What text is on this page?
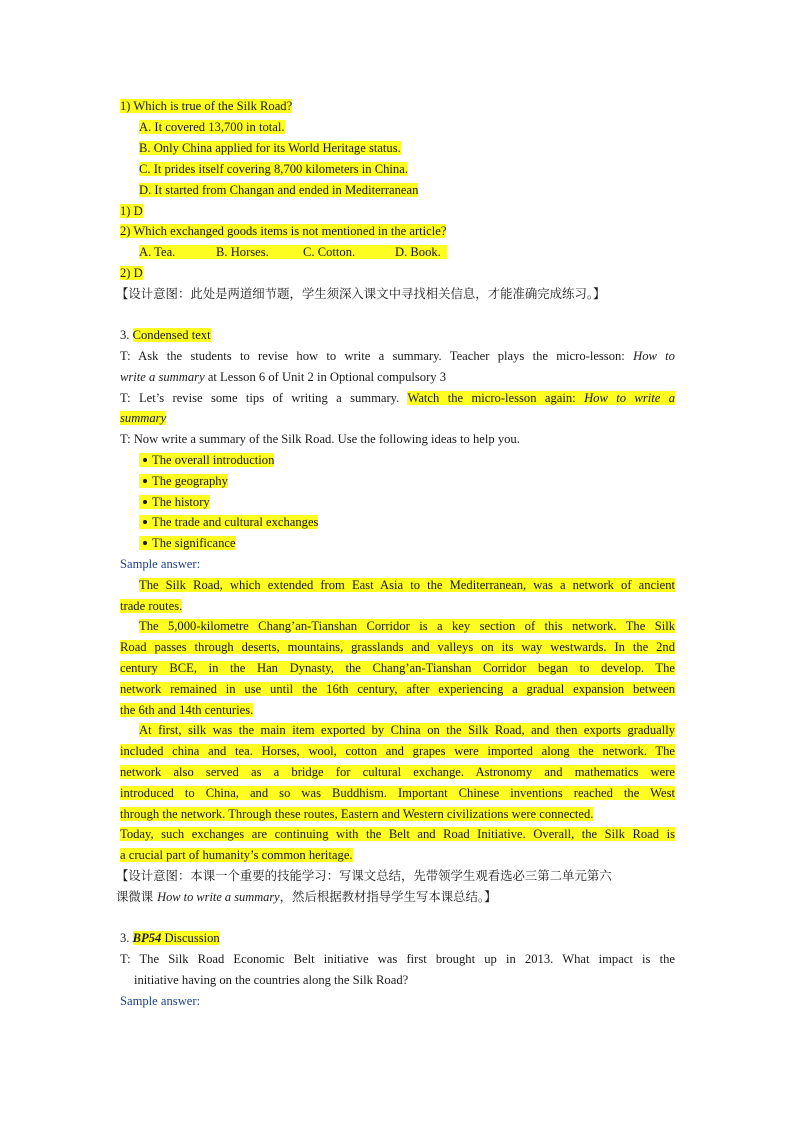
1) Which is true of the Silk Road?
A. It covered 13,700 in total.
B. Only China applied for its World Heritage status.
C. It prides itself covering 8,700 kilometers in China.
D. It started from Changan and ended in Mediterranean
1) D
2) Which exchanged goods items is not mentioned in the article?
A. Tea.	B. Horses.	C. Cotton.	D. Book.
2) D
【设计意图：此处是两道细节题，学生须深入课文中寻找相关信息，才能准确完成练习。】
3. Condensed text
T: Ask the students to revise how to write a summary. Teacher plays the micro-lesson: How to
write a summary at Lesson 6 of Unit 2 in Optional compulsory 3
T: Let’s revise some tips of writing a summary. Watch the micro-lesson again: How to write a
summary
T: Now write a summary of the Silk Road. Use the following ideas to help you.
The overall introduction
The geography
The history
The trade and cultural exchanges
The significance
Sample answer:
The Silk Road, which extended from East Asia to the Mediterranean, was a network of ancient
trade routes.
The 5,000-kilometre Chang’an-Tianshan Corridor is a key section of this network. The Silk
Road passes through deserts, mountains, grasslands and valleys on its way westwards. In the 2nd
century BCE, in the Han Dynasty, the Chang’an-Tianshan Corridor began to develop. The
network remained in use until the 16th century, after experiencing a gradual expansion between
the 6th and 14th centuries.
At first, silk was the main item exported by China on the Silk Road, and then exports gradually
included china and tea. Horses, wool, cotton and grapes were imported along the network. The
network also served as a bridge for cultural exchange. Astronomy and mathematics were
introduced to China, and so was Buddhism. Important Chinese inventions reached the West
through the network. Through these routes, Eastern and Western civilizations were connected.
Today, such exchanges are continuing with the Belt and Road Initiative. Overall, the Silk Road is
a crucial part of humanity’s common heritage.
【设计意图：本课一个重要的技能学习：写课文总结，先带领学生观看选必三第二单元第六
课微课 How to write a summary，然后根据教材指导学生写本课总结。】
3. BP54 Discussion
T: The Silk Road Economic Belt initiative was first brought up in 2013. What impact is the
initiative having on the countries along the Silk Road?
Sample answer:
